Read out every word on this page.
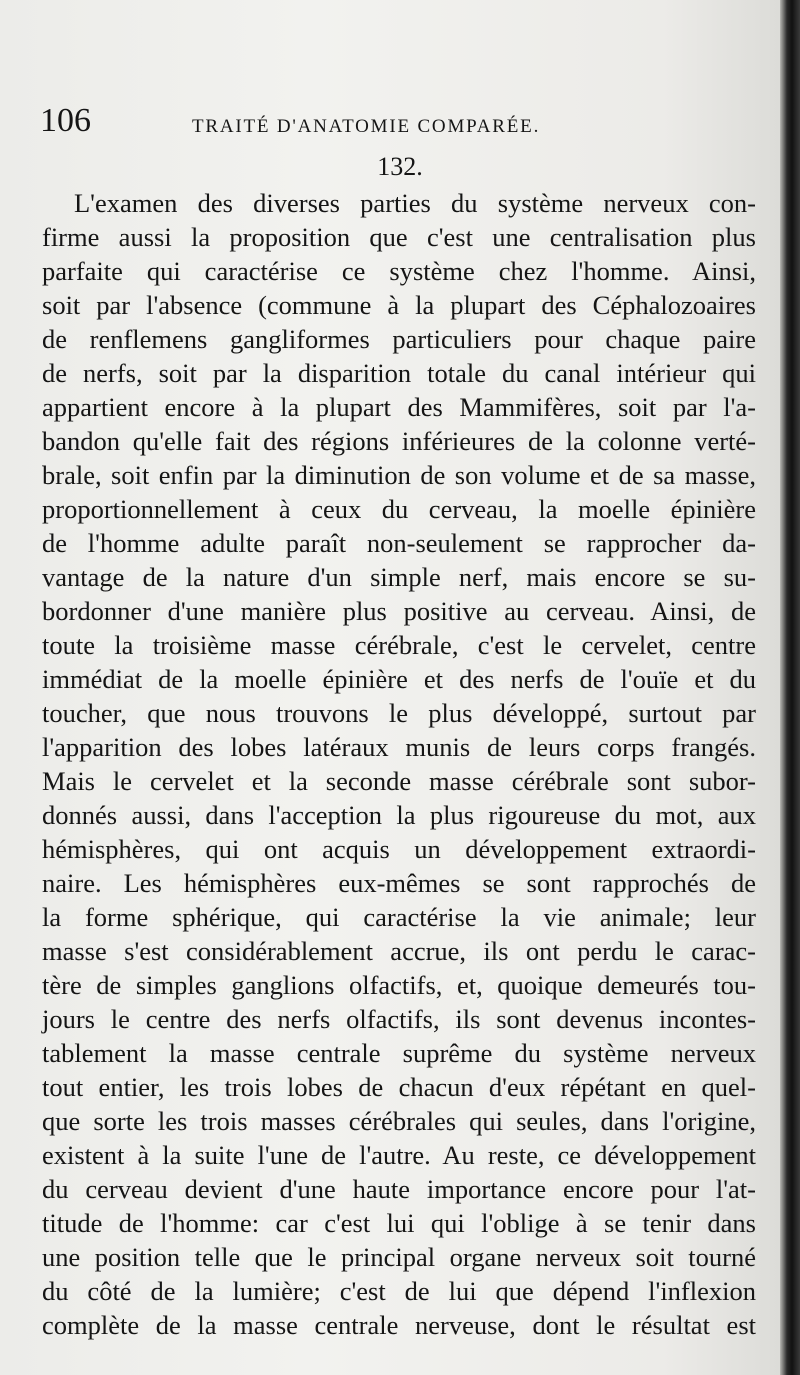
106	TRAITÉ D'ANATOMIE COMPARÉE.
132.
L'examen des diverses parties du système nerveux con-
firme aussi la proposition que c'est une centralisation plus
parfaite qui caractérise ce système chez l'homme. Ainsi,
soit par l'absence (commune à la plupart des Céphalozoaires
de renflemens gangliformes particuliers pour chaque paire
de nerfs, soit par la disparition totale du canal intérieur qui
appartient encore à la plupart des Mammifères, soit par l'a-
bandon qu'elle fait des régions inférieures de la colonne verté-
brale, soit enfin par la diminution de son volume et de sa masse,
proportionnellement à ceux du cerveau, la moelle épinière
de l'homme adulte paraît non-seulement se rapprocher da-
vantage de la nature d'un simple nerf, mais encore se su-
bordonner d'une manière plus positive au cerveau. Ainsi, de
toute la troisième masse cérébrale, c'est le cervelet, centre
immédiat de la moelle épinière et des nerfs de l'ouïe et du
toucher, que nous trouvons le plus développé, surtout par
l'apparition des lobes latéraux munis de leurs corps frangés.
Mais le cervelet et la seconde masse cérébrale sont subor-
donnés aussi, dans l'acception la plus rigoureuse du mot, aux
hémisphères, qui ont acquis un développement extraordi-
naire. Les hémisphères eux-mêmes se sont rapprochés de
la forme sphérique, qui caractérise la vie animale; leur
masse s'est considérablement accrue, ils ont perdu le carac-
tère de simples ganglions olfactifs, et, quoique demeurés tou-
jours le centre des nerfs olfactifs, ils sont devenus incontes-
tablement la masse centrale suprême du système nerveux
tout entier, les trois lobes de chacun d'eux répétant en quel-
que sorte les trois masses cérébrales qui seules, dans l'origine,
existent à la suite l'une de l'autre. Au reste, ce développement
du cerveau devient d'une haute importance encore pour l'at-
titude de l'homme: car c'est lui qui l'oblige à se tenir dans
une position telle que le principal organe nerveux soit tourné
du côté de la lumière; c'est de lui que dépend l'inflexion
complète de la masse centrale nerveuse, dont le résultat est
